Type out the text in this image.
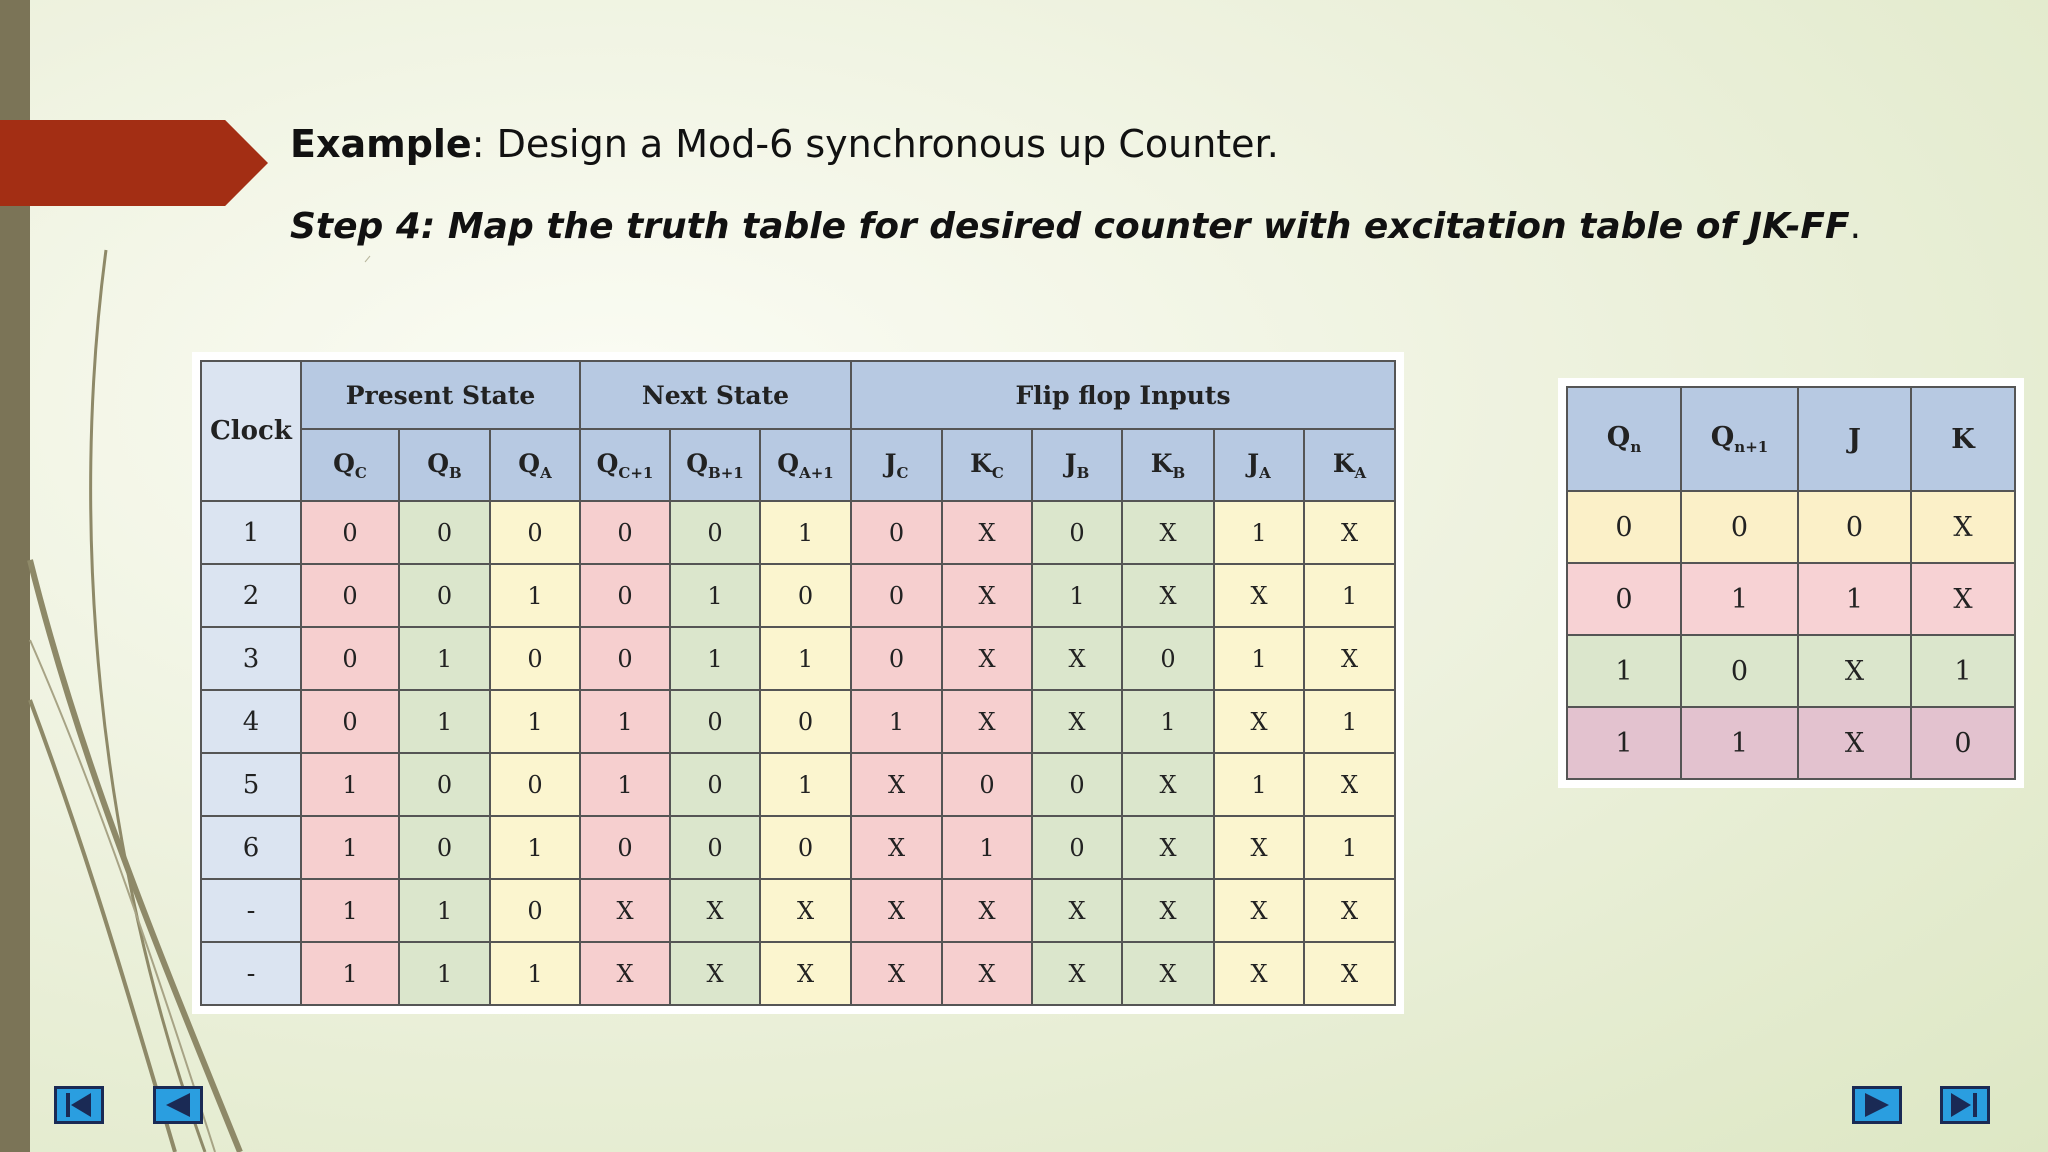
Example: Design a Mod-6 synchronous up Counter.
Step 4: Map the truth table for desired counter with excitation table of JK-FF.
Clock	Present State			Next State			Flip flop Inputs					
	$Q_C$	$Q_B$	$Q_A$	$Q_{C+1}$	$Q_{B+1}$	$Q_{A+1}$	$J_C$	$K_C$	$J_B$	$K_B$	$J_A$	$K_A$
1	0	0	0	0	0	1	0	X	0	X	1	X
2	0	0	1	0	1	0	0	X	1	X	X	1
3	0	1	0	0	1	1	0	X	X	0	1	X
4	0	1	1	1	0	0	1	X	X	1	X	1
5	1	0	0	1	0	1	X	0	0	X	1	X
6	1	0	1	0	0	0	X	1	0	X	X	1
-	1	1	0	X	X	X	X	X	X	X	X	X
-	1	1	1	X	X	X	X	X	X	X	X	X
$Q_n$	$Q_{n+1}$	J	K
0	0	0	X
0	1	1	X
1	0	X	1
1	1	X	0
